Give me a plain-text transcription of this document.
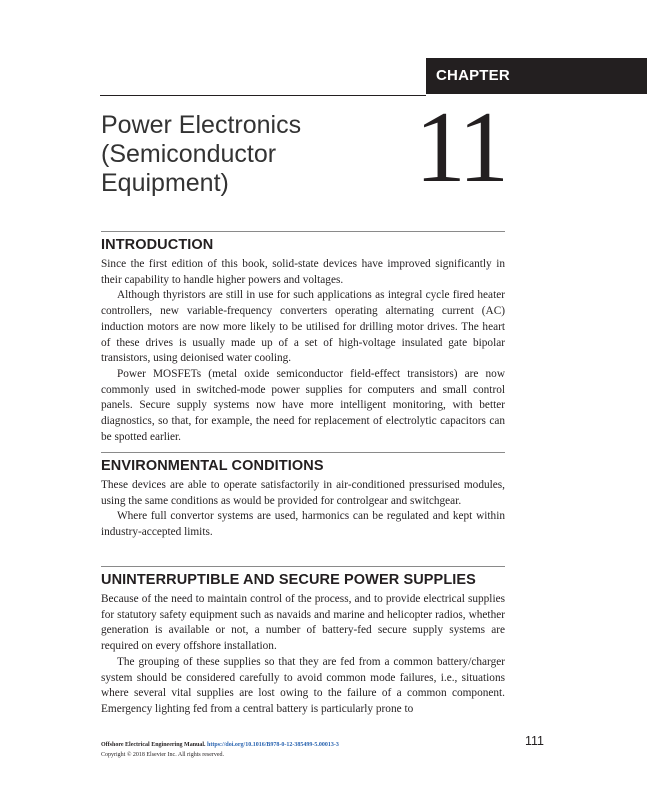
CHAPTER
Power Electronics (Semiconductor Equipment)	11
INTRODUCTION

Since the first edition of this book, solid-state devices have improved significantly in their capability to handle higher powers and voltages.

Although thyristors are still in use for such applications as integral cycle fired heater controllers, new variable-frequency converters operating alternating current (AC) induction motors are now more likely to be utilised for drilling motor drives. The heart of these drives is usually made up of a set of high-voltage insulated gate bipolar transistors, using deionised water cooling.

Power MOSFETs (metal oxide semiconductor field-effect transistors) are now commonly used in switched-mode power supplies for computers and small control panels. Secure supply systems now have more intelligent monitoring, with better diagnostics, so that, for example, the need for replacement of electrolytic capacitors can be spotted earlier.

ENVIRONMENTAL CONDITIONS

These devices are able to operate satisfactorily in air-conditioned pressurised modules, using the same conditions as would be provided for controlgear and switchgear.

Where full convertor systems are used, harmonics can be regulated and kept within industry-accepted limits.

UNINTERRUPTIBLE AND SECURE POWER SUPPLIES

Because of the need to maintain control of the process, and to provide electrical supplies for statutory safety equipment such as navaids and marine and helicopter radios, whether generation is available or not, a number of battery-fed secure supply systems are required on every offshore installation.

The grouping of these supplies so that they are fed from a common battery/charger system should be considered carefully to avoid common mode failures, i.e., situations where several vital supplies are lost owing to the failure of a common component. Emergency lighting fed from a central battery is particularly prone to

Offshore Electrical Engineering Manual. https://doi.org/10.1016/B978-0-12-385499-5.00013-3
Copyright © 2018 Elsevier Inc. All rights reserved.
111
